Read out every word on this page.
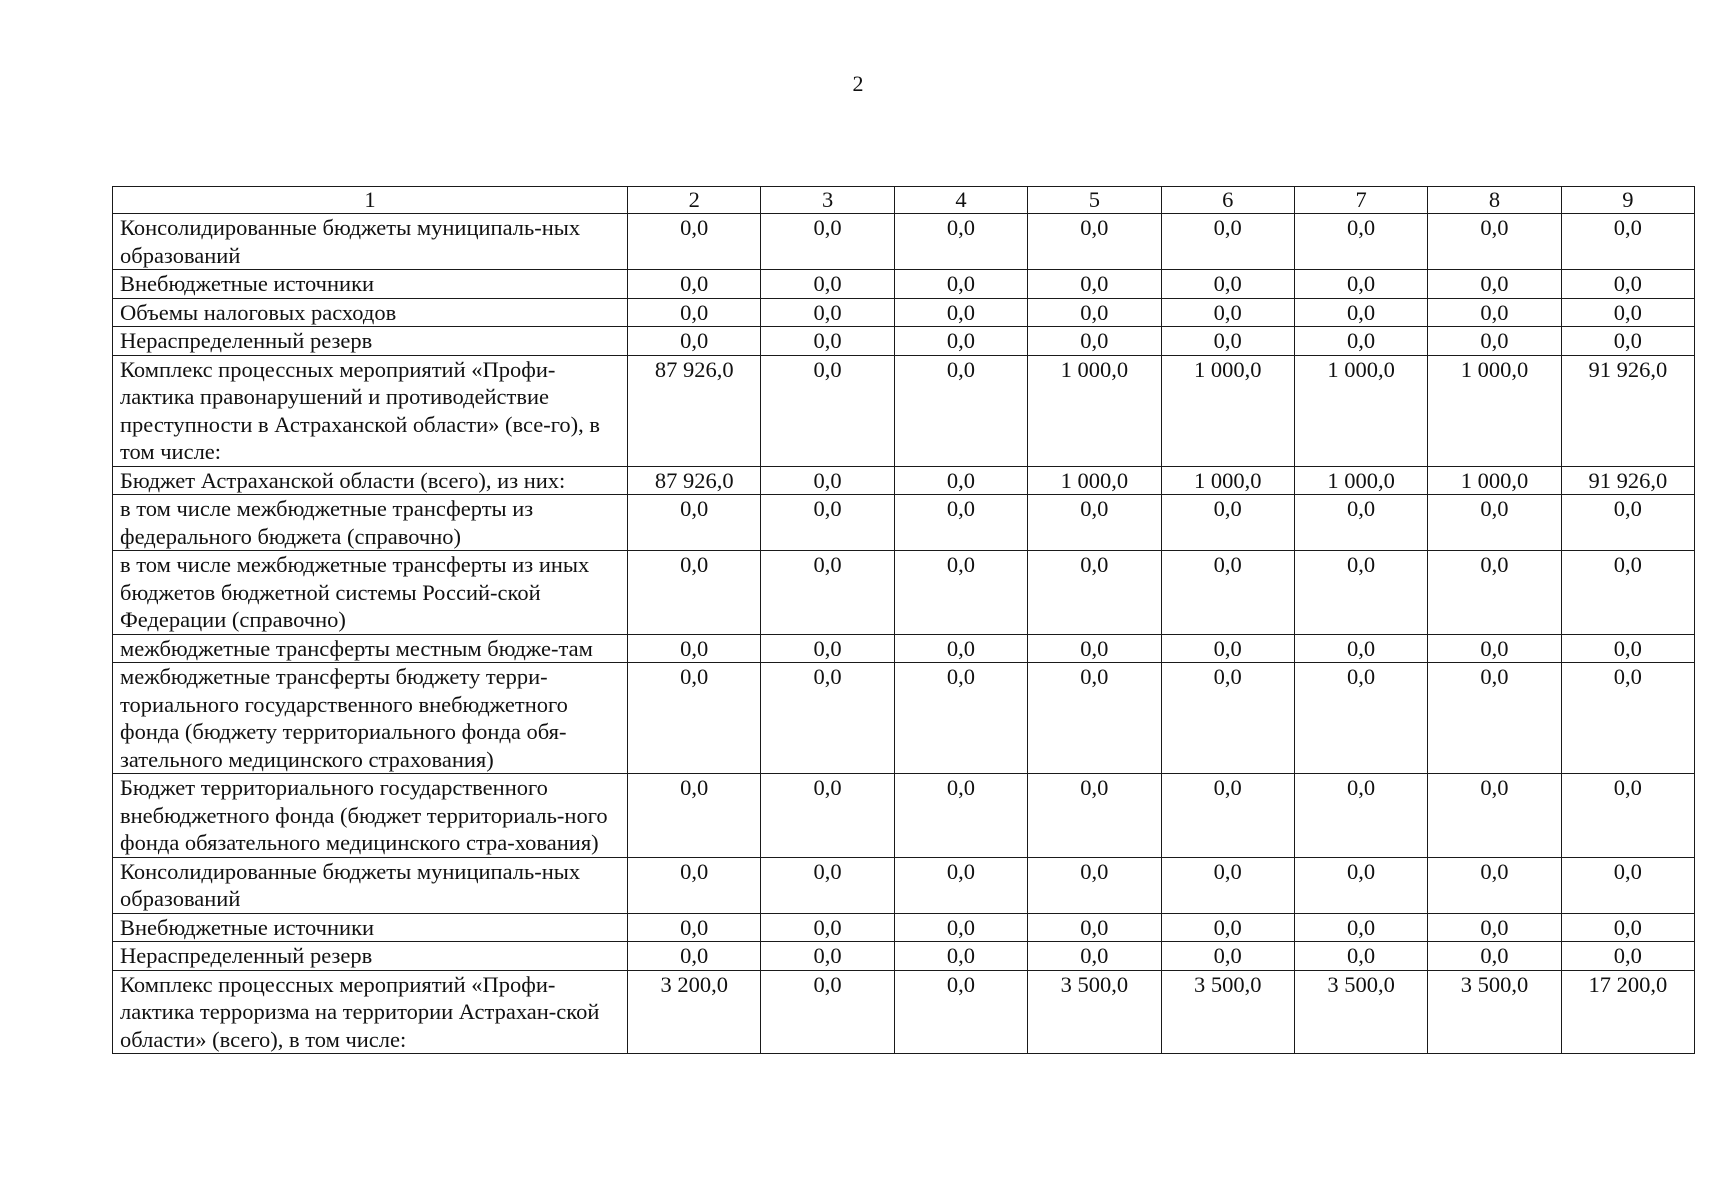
2
1	2	3	4	5	6	7	8	9
Консолидированные бюджеты муниципаль-ных образований	0,0	0,0	0,0	0,0	0,0	0,0	0,0	0,0
Внебюджетные источники	0,0	0,0	0,0	0,0	0,0	0,0	0,0	0,0
Объемы налоговых расходов	0,0	0,0	0,0	0,0	0,0	0,0	0,0	0,0
Нераспределенный резерв	0,0	0,0	0,0	0,0	0,0	0,0	0,0	0,0
Комплекс процессных мероприятий «Профи-лактика правонарушений и противодействие преступности в Астраханской области» (все-го), в том числе:	87 926,0	0,0	0,0	1 000,0	1 000,0	1 000,0	1 000,0	91 926,0
Бюджет Астраханской области (всего), из них:	87 926,0	0,0	0,0	1 000,0	1 000,0	1 000,0	1 000,0	91 926,0
в том числе межбюджетные трансферты из федерального бюджета (справочно)	0,0	0,0	0,0	0,0	0,0	0,0	0,0	0,0
в том числе межбюджетные трансферты из иных бюджетов бюджетной системы Россий-ской Федерации (справочно)	0,0	0,0	0,0	0,0	0,0	0,0	0,0	0,0
межбюджетные трансферты местным бюдже-там	0,0	0,0	0,0	0,0	0,0	0,0	0,0	0,0
межбюджетные трансферты бюджету терри-ториального государственного внебюджетного фонда (бюджету территориального фонда обя-зательного медицинского страхования)	0,0	0,0	0,0	0,0	0,0	0,0	0,0	0,0
Бюджет территориального государственного внебюджетного фонда (бюджет территориаль-ного фонда обязательного медицинского стра-хования)	0,0	0,0	0,0	0,0	0,0	0,0	0,0	0,0
Консолидированные бюджеты муниципаль-ных образований	0,0	0,0	0,0	0,0	0,0	0,0	0,0	0,0
Внебюджетные источники	0,0	0,0	0,0	0,0	0,0	0,0	0,0	0,0
Нераспределенный резерв	0,0	0,0	0,0	0,0	0,0	0,0	0,0	0,0
Комплекс процессных мероприятий «Профи-лактика терроризма на территории Астрахан-ской области» (всего), в том числе:	3 200,0	0,0	0,0	3 500,0	3 500,0	3 500,0	3 500,0	17 200,0
